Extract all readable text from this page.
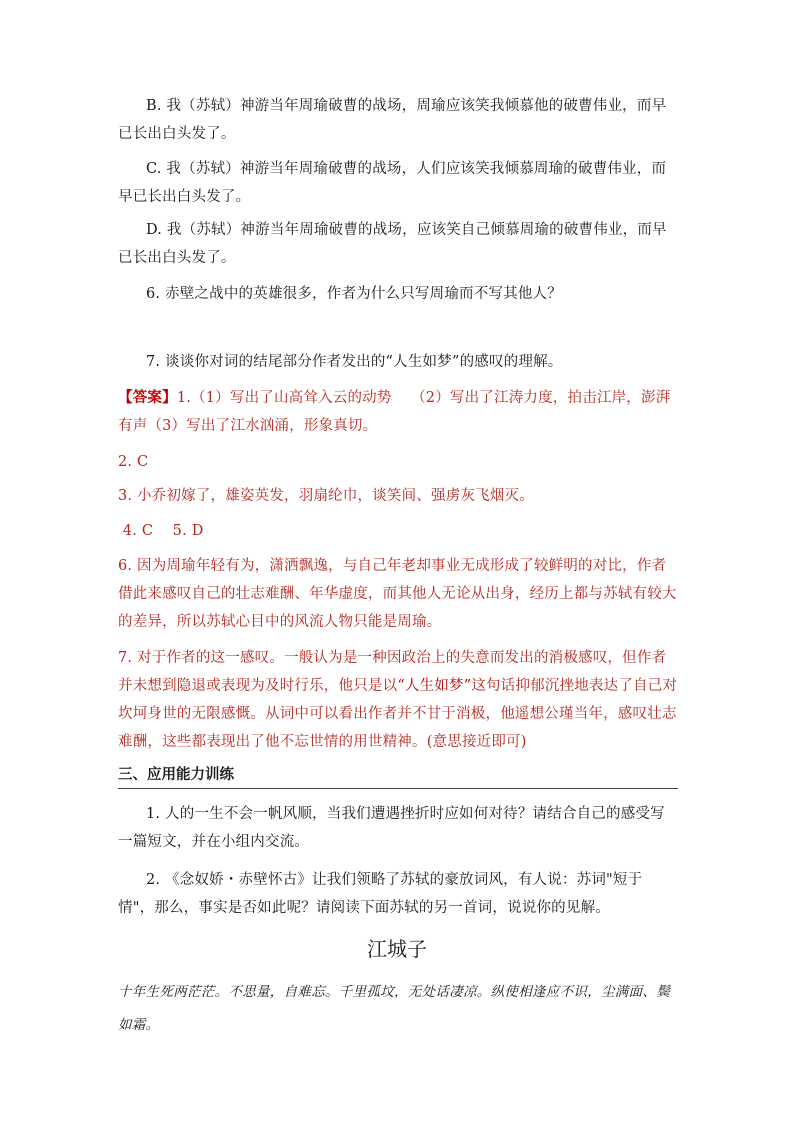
B. 我（苏轼）神游当年周瑜破曹的战场，周瑜应该笑我倾慕他的破曹伟业，而早已长出白头发了。

C. 我（苏轼）神游当年周瑜破曹的战场，人们应该笑我倾慕周瑜的破曹伟业，而早已长出白头发了。

D. 我（苏轼）神游当年周瑜破曹的战场，应该笑自己倾慕周瑜的破曹伟业，而早已长出白头发了。

6. 赤壁之战中的英雄很多，作者为什么只写周瑜而不写其他人？

7. 谈谈你对词的结尾部分作者发出的“人生如梦”的感叹的理解。

【答案】1.（1）写出了山高耸入云的动势　 （2）写出了江涛力度，拍击江岸，澎湃有声（3）写出了江水汹涌，形象真切。

2. C

3. 小乔初嫁了，雄姿英发，羽扇纶巾，谈笑间、强虏灰飞烟灭。

4. C　 5. D

6. 因为周瑜年轻有为，潇洒飘逸，与自己年老却事业无成形成了较鲜明的对比，作者借此来感叹自己的壮志难酬、年华虚度，而其他人无论从出身，经历上都与苏轼有较大的差异，所以苏轼心目中的风流人物只能是周瑜。

7. 对于作者的这一感叹。一般认为是一种因政治上的失意而发出的消极感叹，但作者并未想到隐退或表现为及时行乐，他只是以“人生如梦”这句话抑郁沉挫地表达了自己对坎坷身世的无限感慨。从词中可以看出作者并不甘于消极，他遥想公瑾当年，感叹壮志难酬，这些都表现出了他不忘世情的用世精神。(意思接近即可)

三、应用能力训练

1. 人的一生不会一帆风顺，当我们遭遇挫折时应如何对待？请结合自己的感受写一篇短文，并在小组内交流。

2. 《念奴娇・赤壁怀古》让我们领略了苏轼的豪放词风，有人说：苏词"短于情"，那么，事实是否如此呢？请阅读下面苏轼的另一首词，说说你的见解。

江城子
十年生死两茫茫。不思量，自难忘。千里孤坟，无处话凄凉。纵使相逢应不识，尘满面、鬓如霜。
